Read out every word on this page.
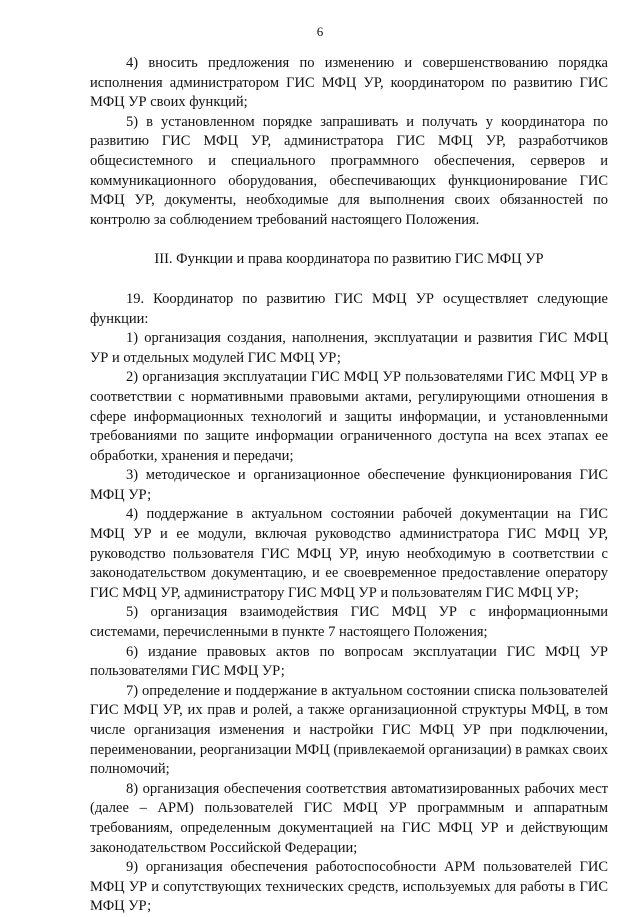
6

4) вносить предложения по изменению и совершенствованию порядка исполнения администратором ГИС МФЦ УР, координатором по развитию ГИС МФЦ УР своих функций;

5) в установленном порядке запрашивать и получать у координатора по развитию ГИС МФЦ УР, администратора ГИС МФЦ УР, разработчиков общесистемного и специального программного обеспечения, серверов и коммуникационного оборудования, обеспечивающих функционирование ГИС МФЦ УР, документы, необходимые для выполнения своих обязанностей по контролю за соблюдением требований настоящего Положения.

III. Функции и права координатора по развитию ГИС МФЦ УР

19. Координатор по развитию ГИС МФЦ УР осуществляет следующие функции:

1) организация создания, наполнения, эксплуатации и развития ГИС МФЦ УР и отдельных модулей ГИС МФЦ УР;

2) организация эксплуатации ГИС МФЦ УР пользователями ГИС МФЦ УР в соответствии с нормативными правовыми актами, регулирующими отношения в сфере информационных технологий и защиты информации, и установленными требованиями по защите информации ограниченного доступа на всех этапах ее обработки, хранения и передачи;

3) методическое и организационное обеспечение функционирования ГИС МФЦ УР;

4) поддержание в актуальном состоянии рабочей документации на ГИС МФЦ УР и ее модули, включая руководство администратора ГИС МФЦ УР, руководство пользователя ГИС МФЦ УР, иную необходимую в соответствии с законодательством документацию, и ее своевременное предоставление оператору ГИС МФЦ УР, администратору ГИС МФЦ УР и пользователям ГИС МФЦ УР;

5) организация взаимодействия ГИС МФЦ УР с информационными системами, перечисленными в пункте 7 настоящего Положения;

6) издание правовых актов по вопросам эксплуатации ГИС МФЦ УР пользователями ГИС МФЦ УР;

7) определение и поддержание в актуальном состоянии списка пользователей ГИС МФЦ УР, их прав и ролей, а также организационной структуры МФЦ, в том числе организация изменения и настройки ГИС МФЦ УР при подключении, переименовании, реорганизации МФЦ (привлекаемой организации) в рамках своих полномочий;

8) организация обеспечения соответствия автоматизированных рабочих мест (далее – АРМ) пользователей ГИС МФЦ УР программным и аппаратным требованиям, определенным документацией на ГИС МФЦ УР и действующим законодательством Российской Федерации;

9) организация обеспечения работоспособности АРМ пользователей ГИС МФЦ УР и сопутствующих технических средств, используемых для работы в ГИС МФЦ УР;
